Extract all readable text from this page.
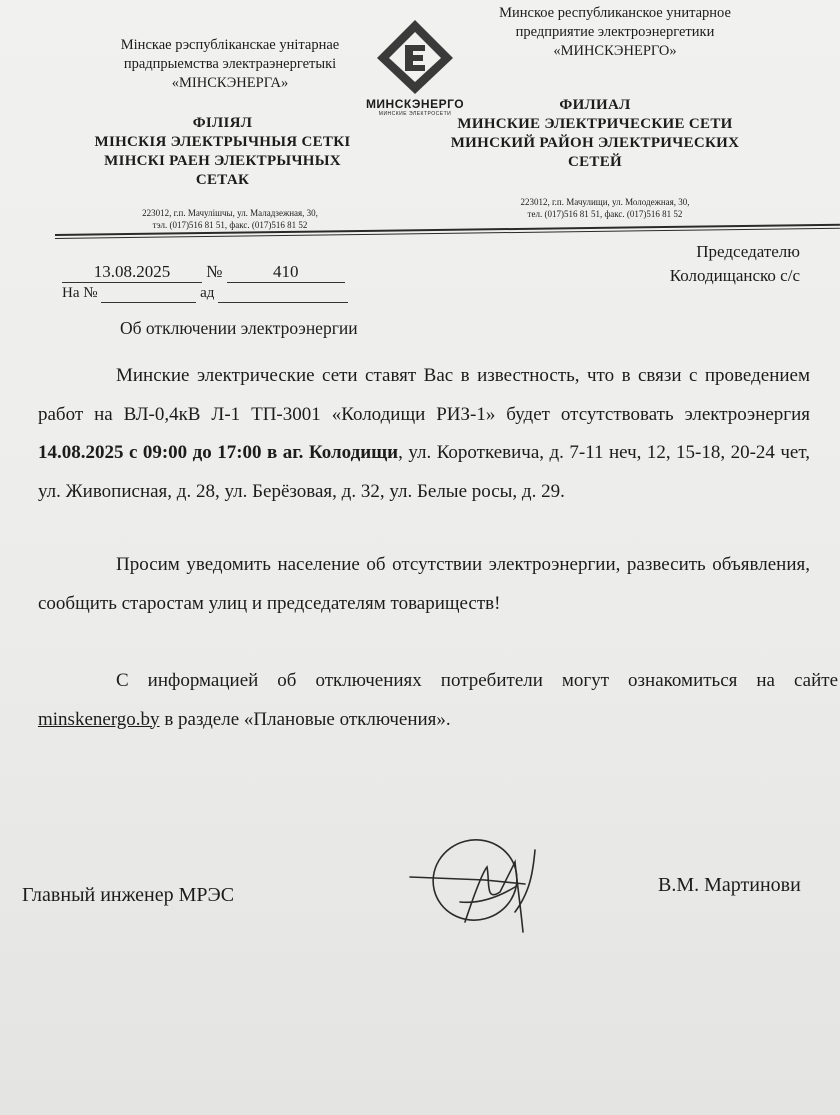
Мінскае рэспубліканскае унітарнае
прадпрыемства электраэнергетыкі
«МІНСКЭНЕРГА»
Минское республиканское унитарное
предприятие электроэнергетики
«МИНСКЭНЕРГО»
МИНСКЭНЕРГО
МИНСКИЕ ЭЛЕКТРОСЕТИ
ФІЛІЯЛ
МІНСКІЯ ЭЛЕКТРЫЧНЫЯ СЕТКІ
МІНСКІ РАЕН ЭЛЕКТРЫЧНЫХ
СЕТАК
ФИЛИАЛ
МИНСКИЕ ЭЛЕКТРИЧЕСКИЕ СЕТИ
МИНСКИЙ РАЙОН ЭЛЕКТРИЧЕСКИХ
СЕТЕЙ
223012, г.п. Мачулішчы, ул. Маладзежная, 30,
тэл. (017)516 81 51, факс. (017)516 81 52
223012, г.п. Мачулищи, ул. Молодежная, 30,
тел. (017)516 81 51, факс. (017)516 81 52
Председателю
Колодищанско с/с
13.08.2025 №	410
На №	ад
Об отключении электроэнергии
Минские электрические сети ставят Вас в известность, что в связи с проведением работ на ВЛ-0,4кВ Л-1 ТП-3001 «Колодищи РИЗ-1» будет отсутствовать электроэнергия 14.08.2025 с 09:00 до 17:00 в аг. Колодищи, ул. Короткевича, д. 7-11 неч, 12, 15-18, 20-24 чет, ул. Живописная, д. 28, ул. Берёзовая, д. 32, ул. Белые росы, д. 29.
Просим уведомить население об отсутствии электроэнергии, развесить объявления, сообщить старостам улиц и председателям товариществ!
С информацией об отключениях потребители могут ознакомиться на сайте minskenergo.by в разделе «Плановые отключения».
Главный инженер МРЭС	В.М. Мартинови
